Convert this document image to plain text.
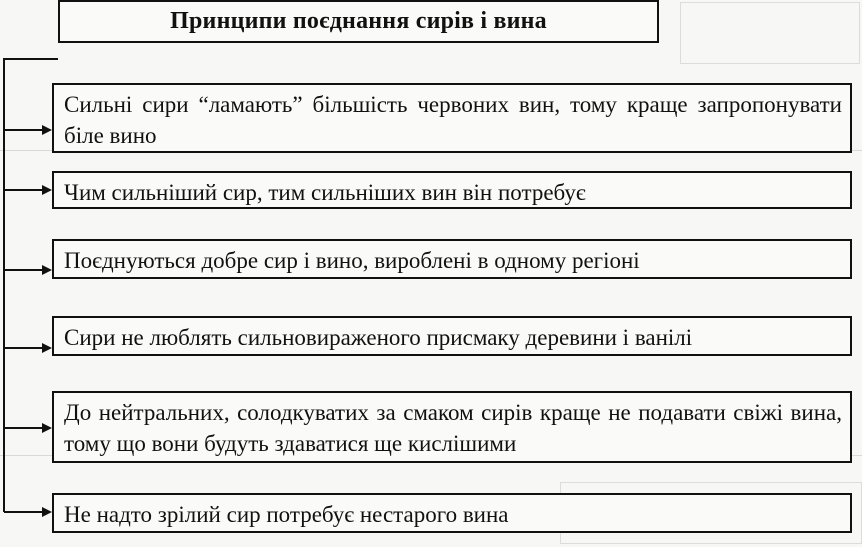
Принципи поєднання сирів і вина
Сильні сири “ламають” більшість червоних вин, тому краще запропонувати біле вино
Чим сильніший сир, тим сильніших вин він потребує
Поєднуються добре сир і вино, вироблені в одному регіоні
Сири не люблять сильновираженого присмаку деревини і ванілі
До нейтральних, солодкуватих за смаком сирів краще не подавати свіжі вина, тому що вони будуть здаватися ще кислішими
Не надто зрілий сир потребує нестарого вина
